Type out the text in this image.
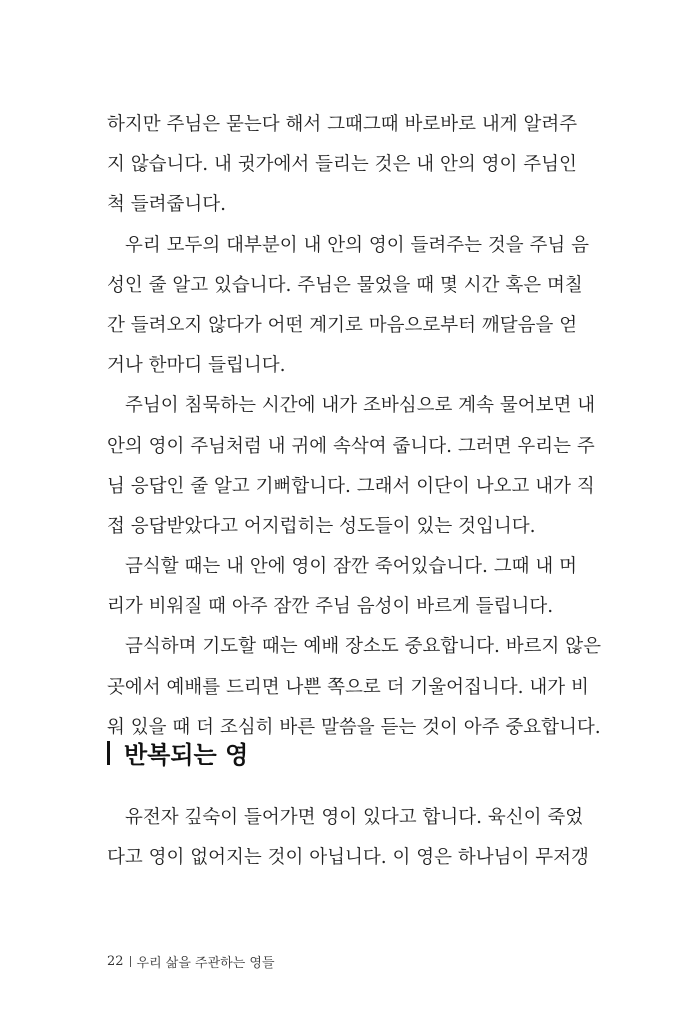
하지만 주님은 묻는다 해서 그때그때 바로바로 내게 알려주
지 않습니다. 내 귓가에서 들리는 것은 내 안의 영이 주님인
척 들려줍니다.
우리 모두의 대부분이 내 안의 영이 들려주는 것을 주님 음
성인 줄 알고 있습니다. 주님은 물었을 때 몇 시간 혹은 며칠
간 들려오지 않다가 어떤 계기로 마음으로부터 깨달음을 얻
거나 한마디 들립니다.
주님이 침묵하는 시간에 내가 조바심으로 계속 물어보면 내
안의 영이 주님처럼 내 귀에 속삭여 줍니다. 그러면 우리는 주
님 응답인 줄 알고 기뻐합니다. 그래서 이단이 나오고 내가 직
접 응답받았다고 어지럽히는 성도들이 있는 것입니다.
금식할 때는 내 안에 영이 잠깐 죽어있습니다. 그때 내 머
리가 비워질 때 아주 잠깐 주님 음성이 바르게 들립니다.
금식하며 기도할 때는 예배 장소도 중요합니다. 바르지 않은
곳에서 예배를 드리면 나쁜 쪽으로 더 기울어집니다. 내가 비
워 있을 때 더 조심히 바른 말씀을 듣는 것이 아주 중요합니다.
반복되는 영
유전자 깊숙이 들어가면 영이 있다고 합니다. 육신이 죽었
다고 영이 없어지는 것이 아닙니다. 이 영은 하나님이 무저갱
22 우리 삶을 주관하는 영들
